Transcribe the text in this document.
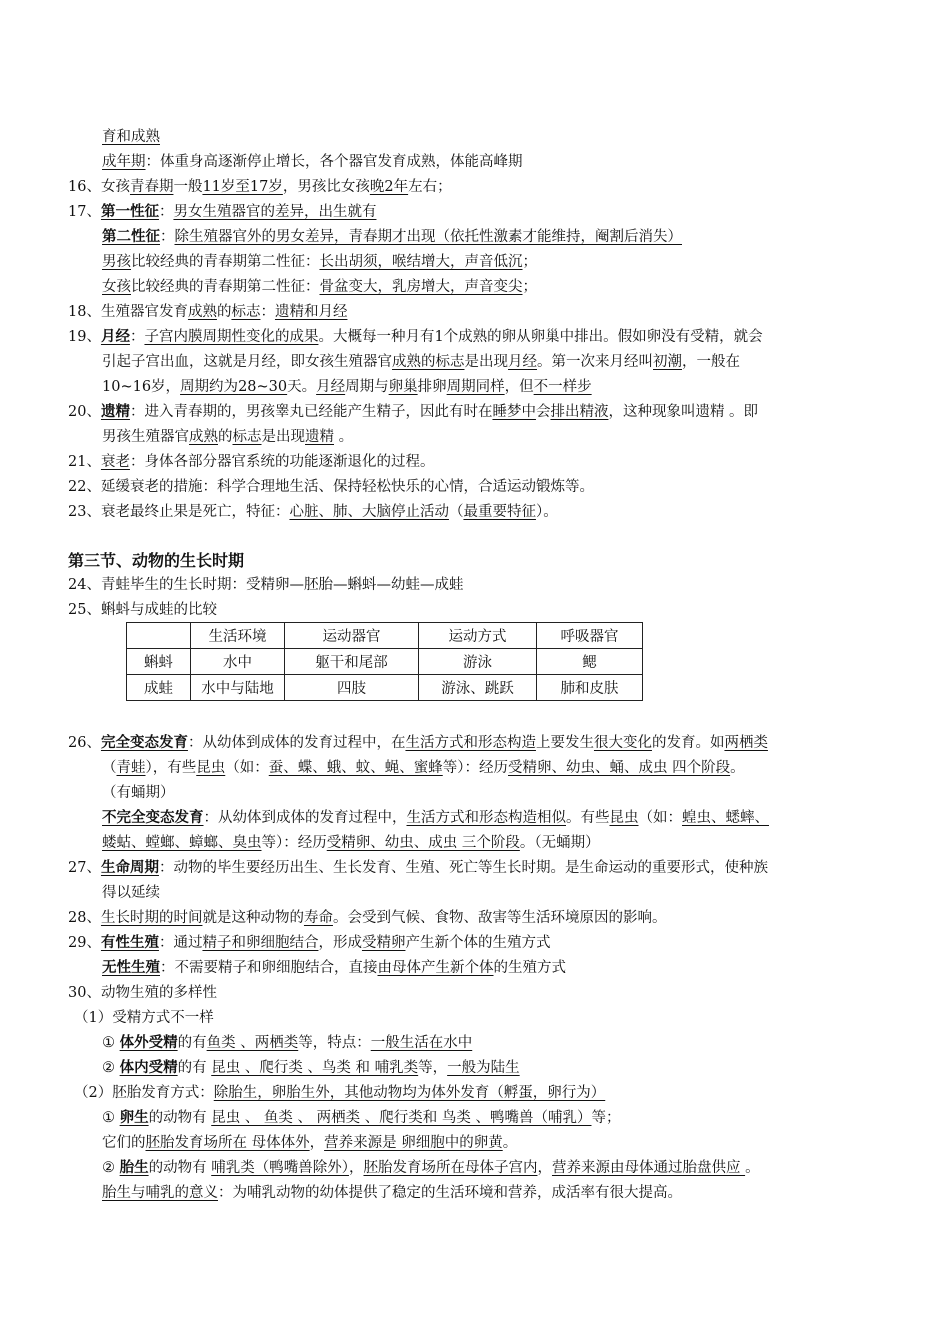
第三节、动物的生长时期
	生活环境	运动器官	运动方式	呼吸器官
蝌蚪	水中	躯干和尾部	游泳	鳃
成蛙	水中与陆地	四肢	游泳、跳跃	肺和皮肤
育和成熟
成年期：体重身高逐渐停止增长，各个器官发育成熟，体能高峰期
16、女孩青春期一般11岁至17岁，男孩比女孩晚2年左右；
17、第一性征：男女生殖器官的差异，出生就有
第二性征：除生殖器官外的男女差异，青春期才出现（依托性激素才能维持，阉割后消失）
男孩比较经典的青春期第二性征：长出胡须，喉结增大，声音低沉；
女孩比较经典的青春期第二性征：骨盆变大，乳房增大，声音变尖；
18、生殖器官发育成熟的标志：遗精和月经
19、月经：子宫内膜周期性变化的成果。大概每一种月有1个成熟的卵从卵巢中排出。假如卵没有受精，就会
引起子宫出血，这就是月经，即女孩生殖器官成熟的标志是出现月经。第一次来月经叫初潮，一般在
10~16岁，周期约为28~30天。月经周期与卵巢排卵周期同样，但不一样步
20、遗精：进入青春期的，男孩睾丸已经能产生精子，因此有时在睡梦中会排出精液，这种现象叫遗精 。即
男孩生殖器官成熟的标志是出现遗精 。
21、衰老：身体各部分器官系统的功能逐渐退化的过程。
22、延缓衰老的措施：科学合理地生活、保持轻松快乐的心情，合适运动锻炼等。
23、衰老最终止果是死亡，特征：心脏、肺、大脑停止活动（最重要特征）。
24、青蛙毕生的生长时期：受精卵—胚胎—蝌蚪—幼蛙—成蛙
25、蝌蚪与成蛙的比较
26、完全变态发育：从幼体到成体的发育过程中，在生活方式和形态构造上要发生很大变化的发育。如两栖类
（青蛙），有些昆虫（如：蚕、蝶、蛾、蚊、蝇、蜜蜂等）：经历受精卵、幼虫、蛹、成虫 四个阶段。
（有蛹期）
不完全变态发育：从幼体到成体的发育过程中，生活方式和形态构造相似。有些昆虫（如：蝗虫、蟋蟀、
蝼蛄、螳螂、蟑螂、臭虫等）：经历受精卵、幼虫、成虫 三个阶段。（无蛹期）
27、生命周期：动物的毕生要经历出生、生长发育、生殖、死亡等生长时期。是生命运动的重要形式，使种族
得以延续
28、生长时期的时间就是这种动物的寿命。会受到气候、食物、敌害等生活环境原因的影响。
29、有性生殖：通过精子和卵细胞结合，形成受精卵产生新个体的生殖方式
无性生殖：不需要精子和卵细胞结合，直接由母体产生新个体的生殖方式
30、动物生殖的多样性
（1）受精方式不一样
① 体外受精的有鱼类 、两栖类等，特点：一般生活在水中
② 体内受精的有 昆虫 、爬行类 、鸟类 和 哺乳类等，一般为陆生
（2）胚胎发育方式：除胎生，卵胎生外，其他动物均为体外发育（孵蛋，卵行为）
① 卵生的动物有 昆虫 、 鱼类 、 两栖类 、爬行类和 鸟类 、鸭嘴兽（哺乳）等；
它们的胚胎发育场所在 母体体外，营养来源是 卵细胞中的卵黄。
② 胎生的动物有 哺乳类（鸭嘴兽除外），胚胎发育场所在母体子宫内，营养来源由母体通过胎盘供应 。
胎生与哺乳的意义：为哺乳动物的幼体提供了稳定的生活环境和营养，成活率有很大提高。
